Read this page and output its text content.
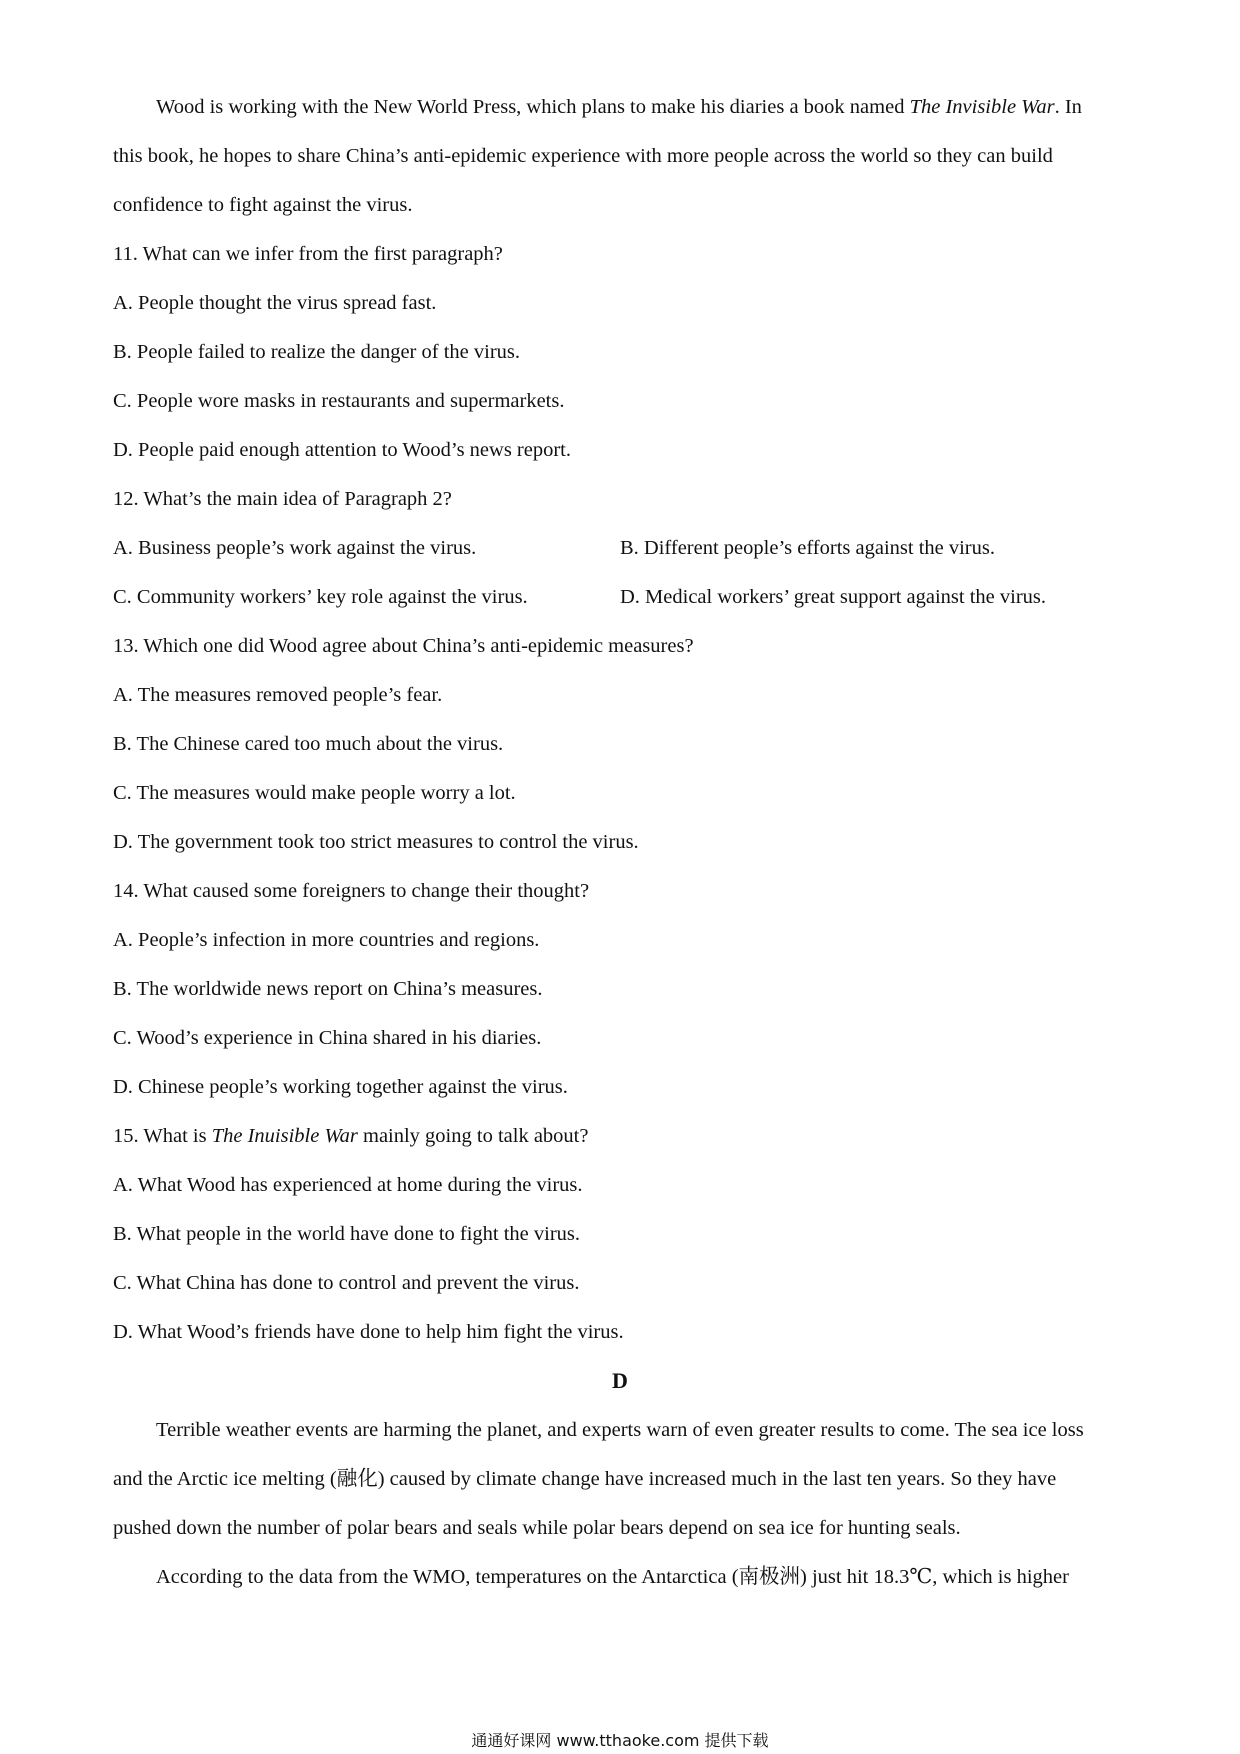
Wood is working with the New World Press, which plans to make his diaries a book named The Invisible War. In
this book, he hopes to share China’s anti-epidemic experience with more people across the world so they can build
confidence to fight against the virus.
11. What can we infer from the first paragraph?
A. People thought the virus spread fast.
B. People failed to realize the danger of the virus.
C. People wore masks in restaurants and supermarkets.
D. People paid enough attention to Wood’s news report.
12. What’s the main idea of Paragraph 2?
A. Business people’s work against the virus.	B. Different people’s efforts against the virus.
C. Community workers’ key role against the virus.	D. Medical workers’ great support against the virus.
13. Which one did Wood agree about China’s anti-epidemic measures?
A. The measures removed people’s fear.
B. The Chinese cared too much about the virus.
C. The measures would make people worry a lot.
D. The government took too strict measures to control the virus.
14. What caused some foreigners to change their thought?
A. People’s infection in more countries and regions.
B. The worldwide news report on China’s measures.
C. Wood’s experience in China shared in his diaries.
D. Chinese people’s working together against the virus.
15. What is The Inuisible War mainly going to talk about?
A. What Wood has experienced at home during the virus.
B. What people in the world have done to fight the virus.
C. What China has done to control and prevent the virus.
D. What Wood’s friends have done to help him fight the virus.
D
Terrible weather events are harming the planet, and experts warn of even greater results to come. The sea ice loss
and the Arctic ice melting (融化) caused by climate change have increased much in the last ten years. So they have
pushed down the number of polar bears and seals while polar bears depend on sea ice for hunting seals.
According to the data from the WMO, temperatures on the Antarctica (南极洲) just hit 18.3℃, which is higher
通通好课网 www.tthaoke.com 提供下载
